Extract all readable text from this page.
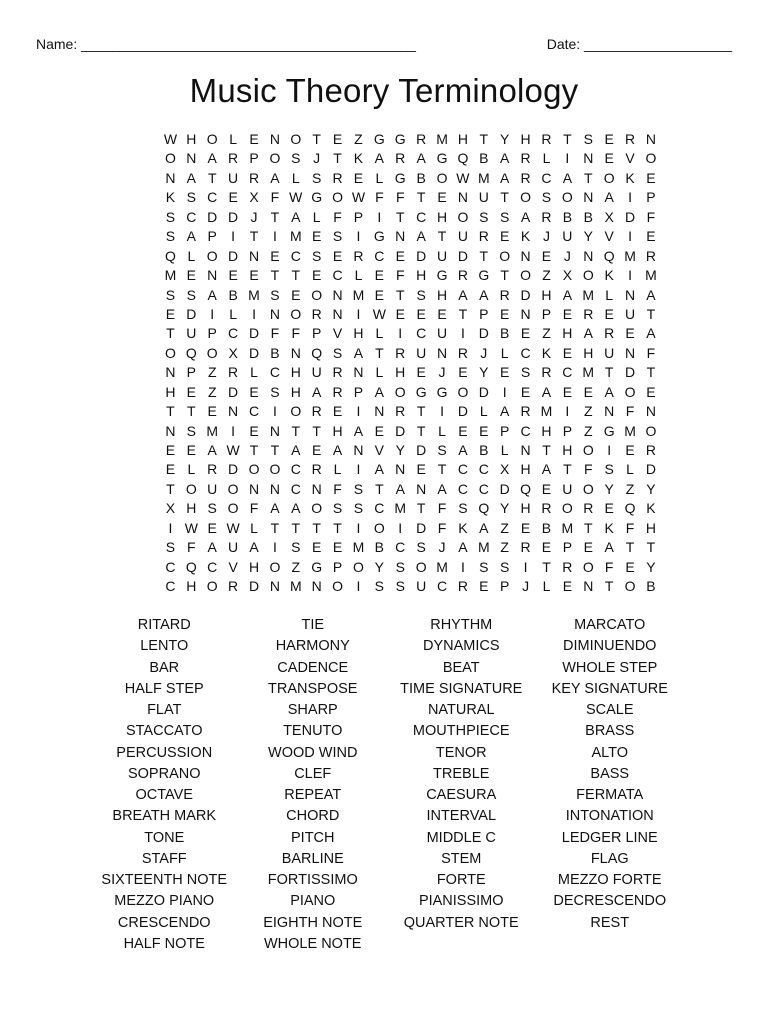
Name: ___________________________________________	Date: ___________________
Music Theory Terminology
W H O L E N O T E Z G G R M H T Y H R T S E R N
O N A R P O S J T K A R A G Q B A R L	I N E V O
N A T U R A L S R E L G B O W M A R C A T O K E
K S C E X F W G O W F F T E N U T O S O N A	I	P
S C D D J T A L F P	I	T C H O S S A R B B X D F
S A P	I	T	I M E S	I G N A T U R E K J U Y V	I	E
Q L O D N E C S E R C E D U D T O N E J N Q M R
M E N E E T T E C L E F H G R G T O Z X O K	I M
S S A B M S E O N M E T S H A A R D H A M L N A
E D I	L	I N O R N I W E E E T P E N P E R E U T
T U P C D F F P V H L	I C U I D B E Z H A R E A
O Q O X D B N Q S A T R U N R J L C K E H U N F
N P Z R L C H U R N L H E J E Y E S R C M T D T
H E Z D E S H A R P A O G G O D I	E A E E A O E
T T E N C I O R E	I N R T	I D L A R M I	Z N F N
N S M I	E N T T H A E D T L E E P C H P Z G M O
E E A W T T A E A N V Y D S A B L N T H O I	E R
E L R D O O C R L	I	A N E T C C X H A T F S L D
T O U O N N C N F S T A N A C C D Q E U O Y Z Y
X H S O F A A O S S C M T F S Q Y H R O R E Q K
I W E W L T T T T	I O I D F K A Z E B M T K F H
S F A U A	I	S E E M B C S J A M Z R E P E A T T
C Q C V H O Z G P O Y S O M I	S S	I	T R O F E Y
C H O R D N M N O I	S S U C R E P J L E N T O B
RITARD	TIE	RHYTHM	MARCATO
LENTO	HARMONY	DYNAMICS	DIMINUENDO
BAR	CADENCE	BEAT	WHOLE STEP
HALF STEP	TRANSPOSE	TIME SIGNATURE	KEY SIGNATURE
FLAT	SHARP	NATURAL	SCALE
STACCATO	TENUTO	MOUTHPIECE	BRASS
PERCUSSION	WOOD WIND	TENOR	ALTO
SOPRANO	CLEF	TREBLE	BASS
OCTAVE	REPEAT	CAESURA	FERMATA
BREATH MARK	CHORD	INTERVAL	INTONATION
TONE	PITCH	MIDDLE C	LEDGER LINE
STAFF	BARLINE	STEM	FLAG
SIXTEENTH NOTE	FORTISSIMO	FORTE	MEZZO FORTE
MEZZO PIANO	PIANO	PIANISSIMO	DECRESCENDO
CRESCENDO	EIGHTH NOTE	QUARTER NOTE	REST
HALF NOTE	WHOLE NOTE
